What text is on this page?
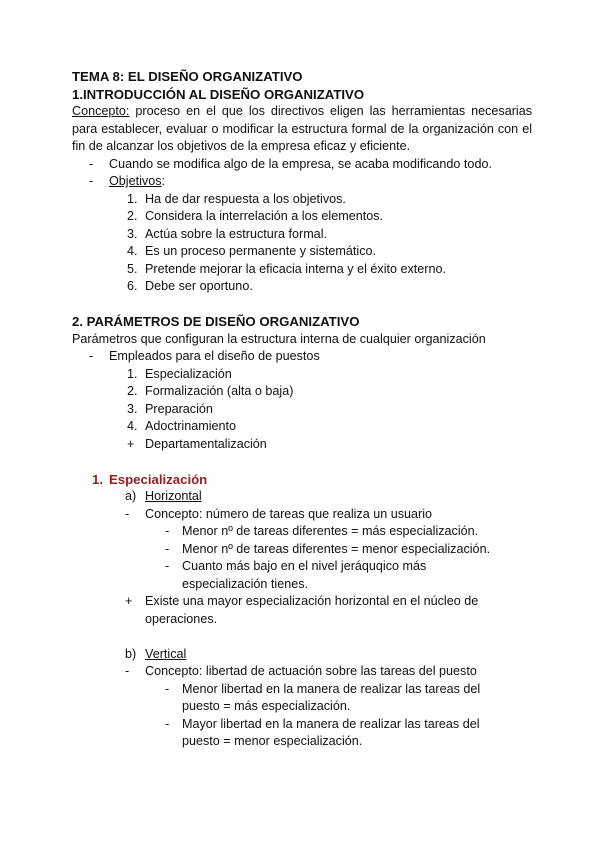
TEMA 8: EL DISEÑO ORGANIZATIVO
1.INTRODUCCIÓN AL DISEÑO ORGANIZATIVO
Concepto: proceso en el que los directivos eligen las herramientas necesarias para establecer, evaluar o modificar la estructura formal de la organización con el fin de alcanzar los objetivos de la empresa eficaz y eficiente.
- Cuando se modifica algo de la empresa, se acaba modificando todo.
- Objetivos:
1. Ha de dar respuesta a los objetivos.
2. Considera la interrelación a los elementos.
3. Actúa sobre la estructura formal.
4. Es un proceso permanente y sistemático.
5. Pretende mejorar la eficacia interna y el éxito externo.
6. Debe ser oportuno.
2. PARÁMETROS DE DISEÑO ORGANIZATIVO
Parámetros que configuran la estructura interna de cualquier organización
- Empleados para el diseño de puestos
1. Especialización
2. Formalización (alta o baja)
3. Preparación
4. Adoctrinamiento
+ Departamentalización
1. Especialización
a) Horizontal
- Concepto: número de tareas que realiza un usuario
- Menor nº de tareas diferentes = más especialización.
- Menor nº de tareas diferentes = menor especialización.
- Cuanto más bajo en el nivel jeráquqico más
especialización tienes.
+ Existe una mayor especialización horizontal en el núcleo de
operaciones.
b) Vertical
- Concepto: libertad de actuación sobre las tareas del puesto
- Menor libertad en la manera de realizar las tareas del
puesto = más especialización.
- Mayor libertad en la manera de realizar las tareas del
puesto = menor especialización.
